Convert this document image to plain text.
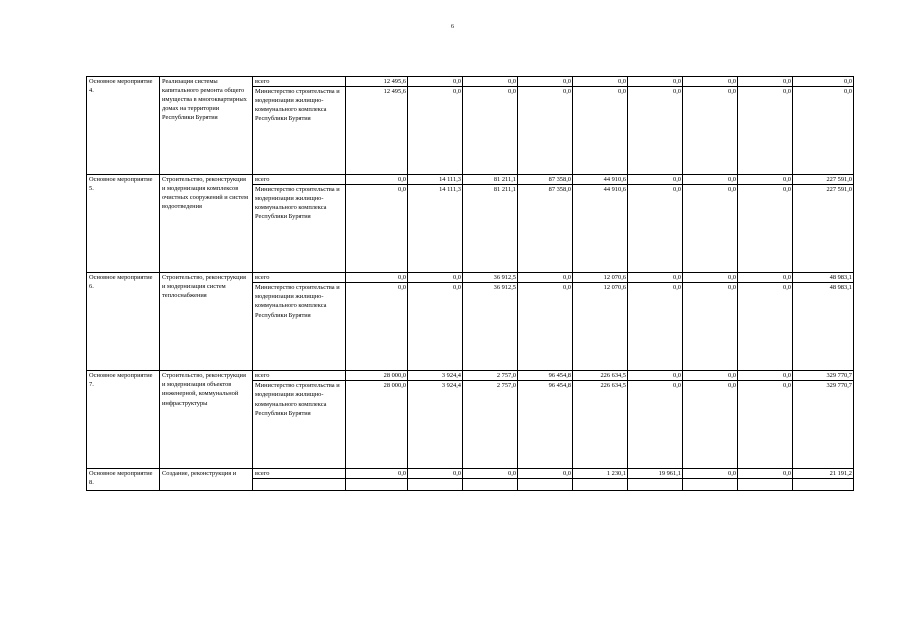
6
Основное мероприятие 4.	Реализация системы капитального ремонта общего имущества в многоквартирных домах на территории Республики Бурятия	всего	12 495,6	0,0	0,0	0,0	0,0	0,0	0,0	0,0	0,0
		Министерство строительства и модернизации жилищно-коммунального комплекса Республики Бурятия	12 495,6	0,0	0,0	0,0	0,0	0,0	0,0	0,0	0,0
Основное мероприятие 5.	Строительство, реконструкция и модернизация комплексов очистных сооружений и систем водоотведения	всего	0,0	14 111,3	81 211,1	87 358,0	44 910,6	0,0	0,0	0,0	227 591,0
		Министерство строительства и модернизации жилищно-коммунального комплекса Республики Бурятия	0,0	14 111,3	81 211,1	87 358,0	44 910,6	0,0	0,0	0,0	227 591,0
Основное мероприятие 6.	Строительство, реконструкция и модернизация систем теплоснабжения	всего	0,0	0,0	36 912,5	0,0	12 070,6	0,0	0,0	0,0	48 983,1
		Министерство строительства и модернизации жилищно-коммунального комплекса Республики Бурятия	0,0	0,0	36 912,5	0,0	12 070,6	0,0	0,0	0,0	48 983,1
Основное мероприятие 7.	Строительство, реконструкция и модернизация объектов инженерной, коммунальной инфраструктуры	всего	28 000,0	3 924,4	2 757,0	96 454,8	226 634,5	0,0	0,0	0,0	329 770,7
		Министерство строительства и модернизации жилищно-коммунального комплекса Республики Бурятия	28 000,0	3 924,4	2 757,0	96 454,8	226 634,5	0,0	0,0	0,0	329 770,7
Основное мероприятие 8.	Создание, реконструкция и	всего	0,0	0,0	0,0	0,0	1 230,1	19 961,1	0,0	0,0	21 191,2
